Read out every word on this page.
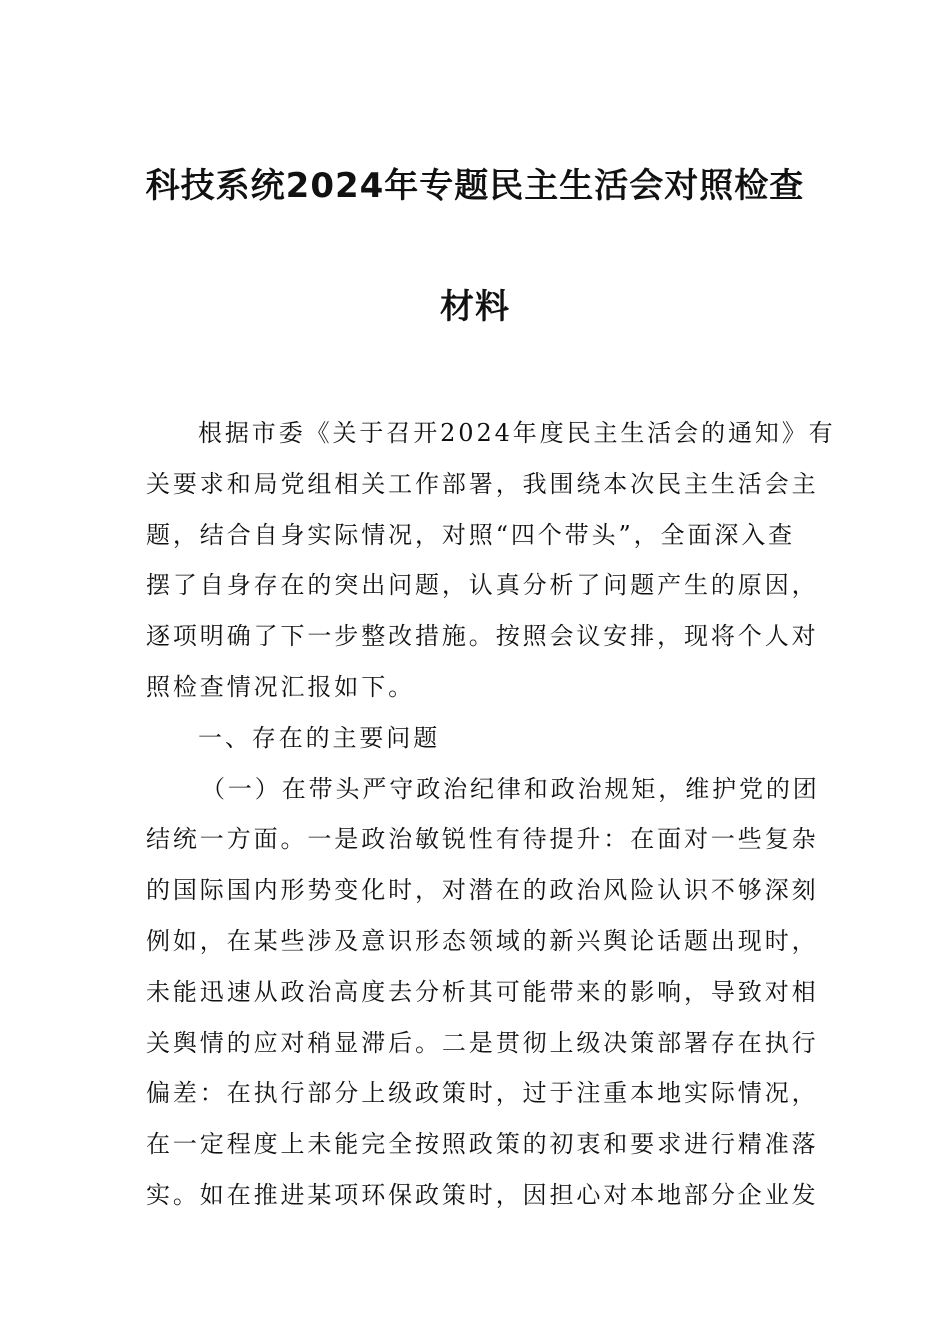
科技系统2024年专题民主生活会对照检查
材料
根据市委《关于召开2024年度民主生活会的通知》有
关要求和局党组相关工作部署，我围绕本次民主生活会主
题，结合自身实际情况，对照“四个带头”，全面深入查
摆了自身存在的突出问题，认真分析了问题产生的原因，
逐项明确了下一步整改措施。按照会议安排，现将个人对
照检查情况汇报如下。
一、存在的主要问题
（一）在带头严守政治纪律和政治规矩，维护党的团
结统一方面。一是政治敏锐性有待提升：在面对一些复杂
的国际国内形势变化时，对潜在的政治风险认识不够深刻
例如，在某些涉及意识形态领域的新兴舆论话题出现时，
未能迅速从政治高度去分析其可能带来的影响，导致对相
关舆情的应对稍显滞后。二是贯彻上级决策部署存在执行
偏差：在执行部分上级政策时，过于注重本地实际情况，
在一定程度上未能完全按照政策的初衷和要求进行精准落
实。如在推进某项环保政策时，因担心对本地部分企业发
